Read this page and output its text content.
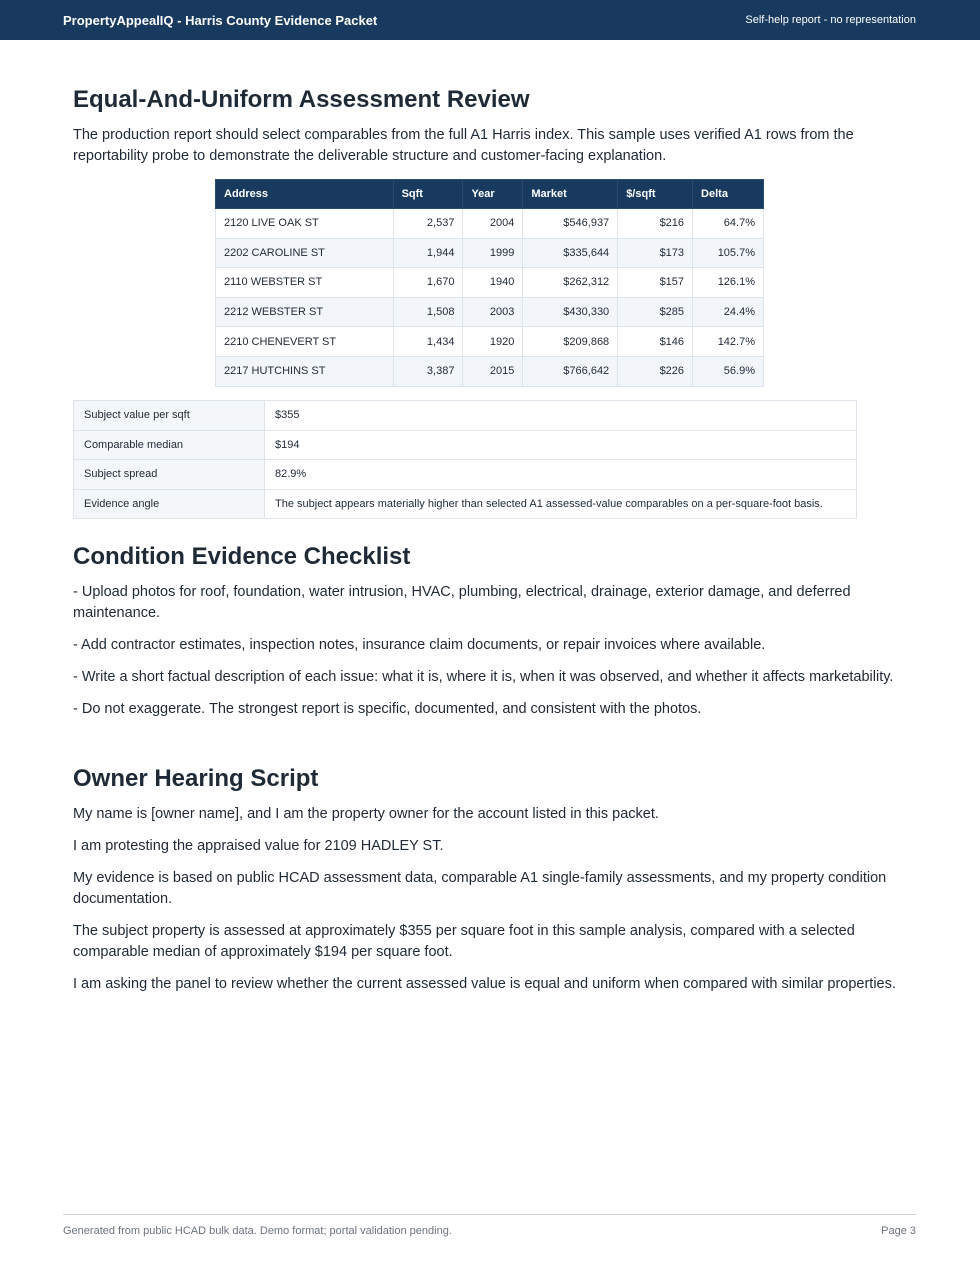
PropertyAppealIQ - Harris County Evidence Packet	Self-help report - no representation
Equal-And-Uniform Assessment Review

The production report should select comparables from the full A1 Harris index. This sample uses verified A1 rows from the reportability probe to demonstrate the deliverable structure and customer-facing explanation.

Address	Sqft	Year	Market	$/sqft	Delta
2120 LIVE OAK ST	2,537	2004	$546,937	$216	64.7%
2202 CAROLINE ST	1,944	1999	$335,644	$173	105.7%
2110 WEBSTER ST	1,670	1940	$262,312	$157	126.1%
2212 WEBSTER ST	1,508	2003	$430,330	$285	24.4%
2210 CHENEVERT ST	1,434	1920	$209,868	$146	142.7%
2217 HUTCHINS ST	3,387	2015	$766,642	$226	56.9%
Subject value per sqft	$355
Comparable median	$194
Subject spread	82.9%
Evidence angle	The subject appears materially higher than selected A1 assessed-value comparables on a per-square-foot basis.
Condition Evidence Checklist

- Upload photos for roof, foundation, water intrusion, HVAC, plumbing, electrical, drainage, exterior damage, and deferred maintenance.

- Add contractor estimates, inspection notes, insurance claim documents, or repair invoices where available.

- Write a short factual description of each issue: what it is, where it is, when it was observed, and whether it affects marketability.

- Do not exaggerate. The strongest report is specific, documented, and consistent with the photos.

Owner Hearing Script

My name is [owner name], and I am the property owner for the account listed in this packet.

I am protesting the appraised value for 2109 HADLEY ST.

My evidence is based on public HCAD assessment data, comparable A1 single-family assessments, and my property condition documentation.

The subject property is assessed at approximately $355 per square foot in this sample analysis, compared with a selected comparable median of approximately $194 per square foot.

I am asking the panel to review whether the current assessed value is equal and uniform when compared with similar properties.

Generated from public HCAD bulk data. Demo format; portal validation pending.	Page 3
